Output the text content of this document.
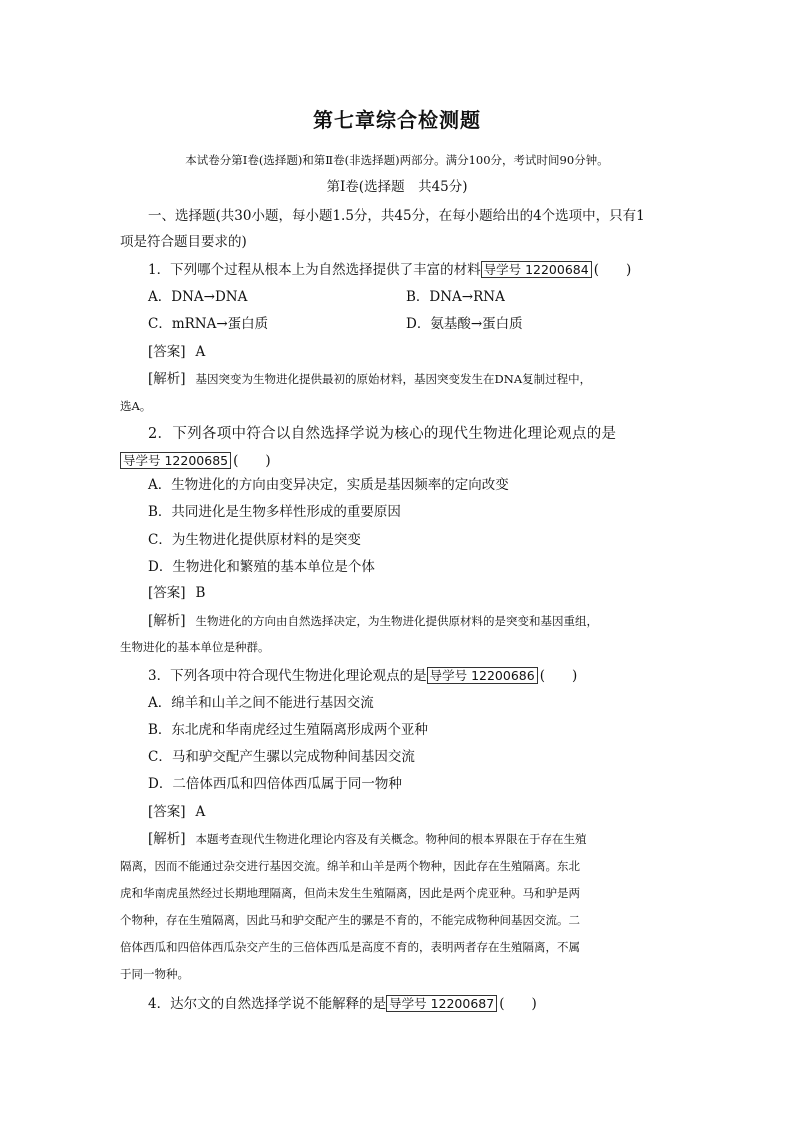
第七章综合检测题
本试卷分第Ⅰ卷(选择题)和第Ⅱ卷(非选择题)两部分。满分100分，考试时间90分钟。
第Ⅰ卷(选择题　共45分)
一、选择题(共30小题，每小题1.5分，共45分，在每小题给出的4个选项中，只有1
项是符合题目要求的)
1．下列哪个过程从根本上为自然选择提供了丰富的材料 导学号 12200684 (　　)
A．DNA→DNA	B．DNA→RNA
C．mRNA→蛋白质	D．氨基酸→蛋白质
[答案] A
[解析] 基因突变为生物进化提供最初的原始材料，基因突变发生在DNA复制过程中，
选A。
2．下列各项中符合以自然选择学说为核心的现代生物进化理论观点的是
导学号 12200685 (　　)
A．生物进化的方向由变异决定，实质是基因频率的定向改变
B．共同进化是生物多样性形成的重要原因
C．为生物进化提供原材料的是突变
D．生物进化和繁殖的基本单位是个体
[答案] B
[解析] 生物进化的方向由自然选择决定，为生物进化提供原材料的是突变和基因重组，
生物进化的基本单位是种群。
3．下列各项中符合现代生物进化理论观点的是 导学号 12200686 (　　)
A．绵羊和山羊之间不能进行基因交流
B．东北虎和华南虎经过生殖隔离形成两个亚种
C．马和驴交配产生骡以完成物种间基因交流
D．二倍体西瓜和四倍体西瓜属于同一物种
[答案] A
[解析] 本题考查现代生物进化理论内容及有关概念。物种间的根本界限在于存在生殖
隔离，因而不能通过杂交进行基因交流。绵羊和山羊是两个物种，因此存在生殖隔离。东北
虎和华南虎虽然经过长期地理隔离，但尚未发生生殖隔离，因此是两个虎亚种。马和驴是两
个物种，存在生殖隔离，因此马和驴交配产生的骡是不育的，不能完成物种间基因交流。二
倍体西瓜和四倍体西瓜杂交产生的三倍体西瓜是高度不育的，表明两者存在生殖隔离，不属
于同一物种。
4．达尔文的自然选择学说不能解释的是 导学号 12200687 (　　)
